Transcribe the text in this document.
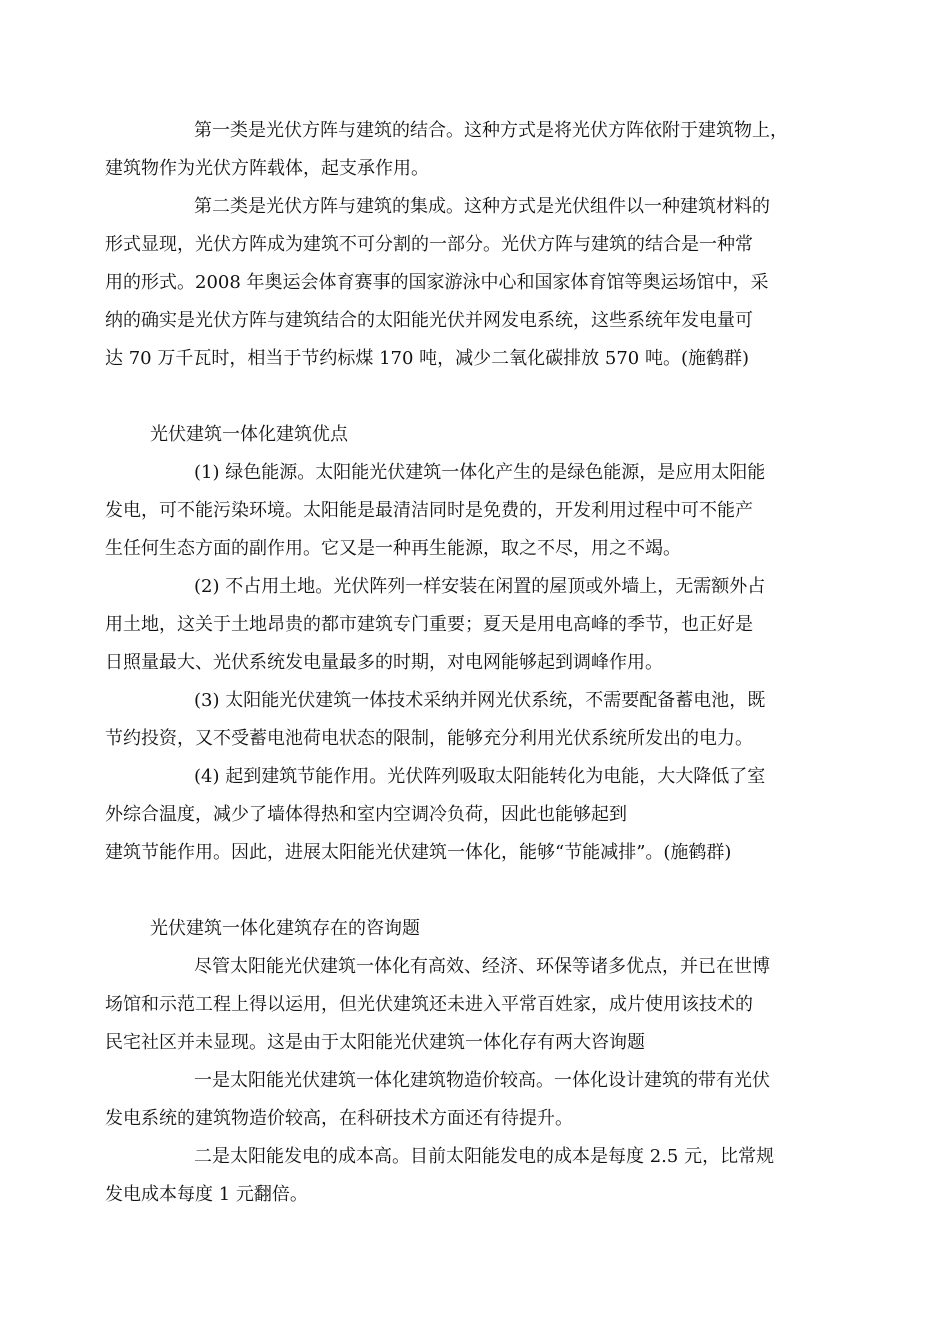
第一类是光伏方阵与建筑的结合。这种方式是将光伏方阵依附于建筑物上，
建筑物作为光伏方阵载体，起支承作用。
第二类是光伏方阵与建筑的集成。这种方式是光伏组件以一种建筑材料的
形式显现，光伏方阵成为建筑不可分割的一部分。光伏方阵与建筑的结合是一种常
用的形式。2008 年奥运会体育赛事的国家游泳中心和国家体育馆等奥运场馆中，采
纳的确实是光伏方阵与建筑结合的太阳能光伏并网发电系统，这些系统年发电量可
达 70 万千瓦时，相当于节约标煤 170 吨，减少二氧化碳排放 570 吨。(施鹤群)
光伏建筑一体化建筑优点
(1) 绿色能源。太阳能光伏建筑一体化产生的是绿色能源，是应用太阳能
发电，可不能污染环境。太阳能是最清洁同时是免费的，开发利用过程中可不能产
生任何生态方面的副作用。它又是一种再生能源，取之不尽，用之不竭。
(2) 不占用土地。光伏阵列一样安装在闲置的屋顶或外墙上，无需额外占
用土地，这关于土地昂贵的都市建筑专门重要；夏天是用电高峰的季节，也正好是
日照量最大、光伏系统发电量最多的时期，对电网能够起到调峰作用。
(3) 太阳能光伏建筑一体技术采纳并网光伏系统，不需要配备蓄电池，既
节约投资，又不受蓄电池荷电状态的限制，能够充分利用光伏系统所发出的电力。
(4) 起到建筑节能作用。光伏阵列吸取太阳能转化为电能，大大降低了室
外综合温度，减少了墙体得热和室内空调冷负荷，因此也能够起到
建筑节能作用。因此，进展太阳能光伏建筑一体化，能够“节能减排”。(施鹤群)
光伏建筑一体化建筑存在的咨询题
尽管太阳能光伏建筑一体化有高效、经济、环保等诸多优点，并已在世博
场馆和示范工程上得以运用，但光伏建筑还未进入平常百姓家，成片使用该技术的
民宅社区并未显现。这是由于太阳能光伏建筑一体化存有两大咨询题
一是太阳能光伏建筑一体化建筑物造价较高。一体化设计建筑的带有光伏
发电系统的建筑物造价较高，在科研技术方面还有待提升。
二是太阳能发电的成本高。目前太阳能发电的成本是每度 2.5 元，比常规
发电成本每度 1 元翻倍。
